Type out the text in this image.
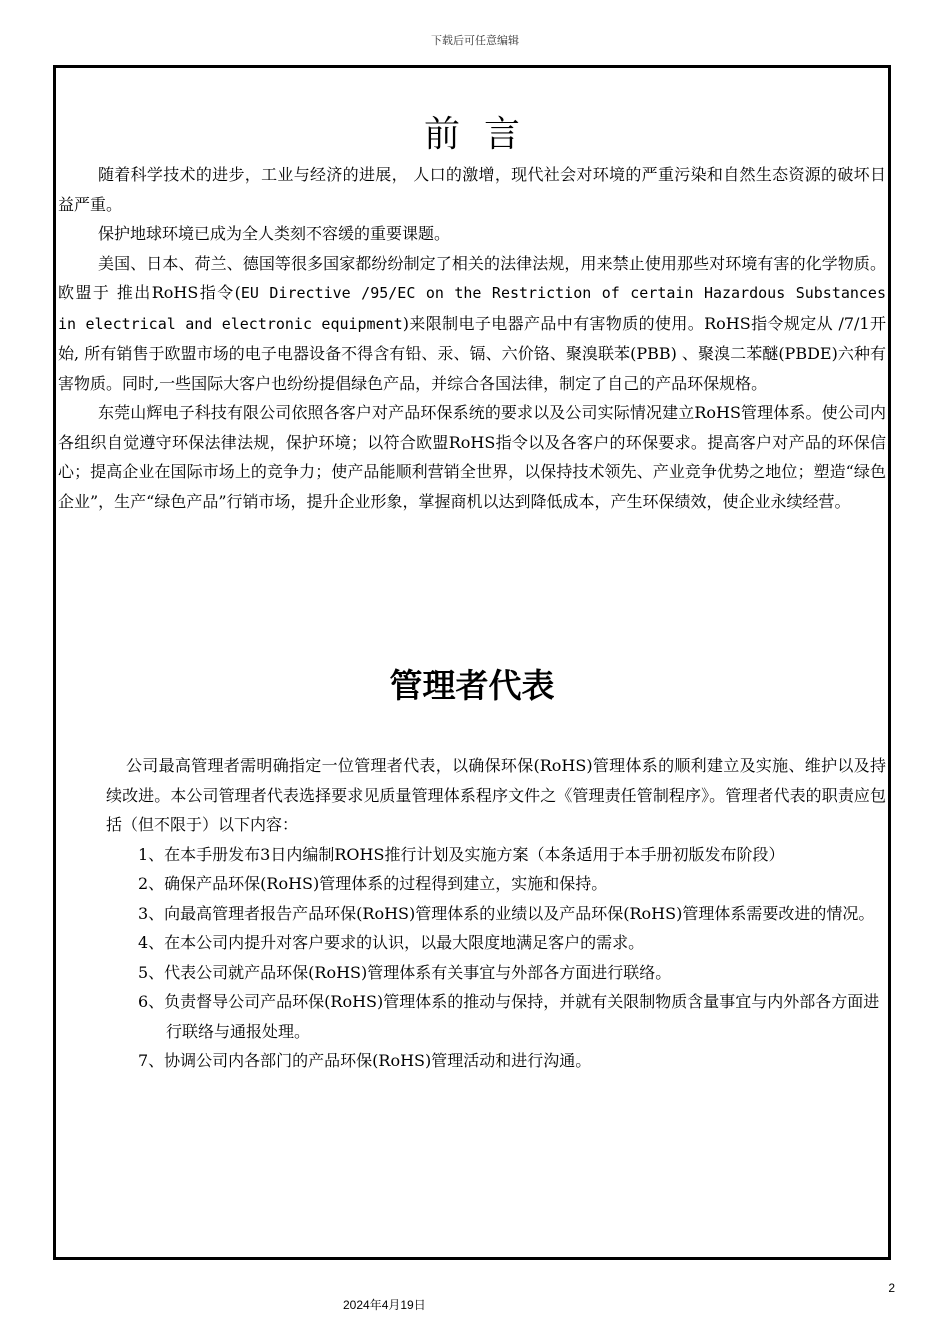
下载后可任意编辑
前言

随着科学技术的进步，工业与经济的进展， 人口的激增，现代社会对环境的严重污染和自然生态资源的破坏日益严重。

保护地球环境已成为全人类刻不容缓的重要课题。

美国、日本、荷兰、德国等很多国家都纷纷制定了相关的法律法规，用来禁止使用那些对环境有害的化学物质。欧盟于 推出RoHS指令(EU Directive /95/EC on the Restriction of certain Hazardous Substances in electrical and electronic equipment)来限制电子电器产品中有害物质的使用。RoHS指令规定从 /7/1开始, 所有销售于欧盟市场的电子电器设备不得含有铅、汞、镉、六价铬、聚溴联苯(PBB) 、聚溴二苯醚(PBDE)六种有害物质。同时,一些国际大客户也纷纷提倡绿色产品，并综合各国法律，制定了自己的产品环保规格。

东莞山辉电子科技有限公司依照各客户对产品环保系统的要求以及公司实际情况建立RoHS管理体系。使公司内各组织自觉遵守环保法律法规，保护环境；以符合欧盟RoHS指令以及各客户的环保要求。提高客户对产品的环保信心；提高企业在国际市场上的竞争力；使产品能顺利营销全世界，以保持技术领先、产业竞争优势之地位；塑造“绿色企业”，生产“绿色产品”行销市场，提升企业形象，掌握商机以达到降低成本，产生环保绩效，使企业永续经营。

管理者代表

公司最高管理者需明确指定一位管理者代表，以确保环保(RoHS)管理体系的顺利建立及实施、维护以及持续改进。本公司管理者代表选择要求见质量管理体系程序文件之《管理责任管制程序》。管理者代表的职责应包括（但不限于）以下内容：

1、在本手册发布3日内编制ROHS推行计划及实施方案（本条适用于本手册初版发布阶段）

2、确保产品环保(RoHS)管理体系的过程得到建立，实施和保持。

3、向最高管理者报告产品环保(RoHS)管理体系的业绩以及产品环保(RoHS)管理体系需要改进的情况。

4、在本公司内提升对客户要求的认识，以最大限度地满足客户的需求。

5、代表公司就产品环保(RoHS)管理体系有关事宜与外部各方面进行联络。

6、负责督导公司产品环保(RoHS)管理体系的推动与保持，并就有关限制物质含量事宜与内外部各方面进行联络与通报处理。

7、协调公司内各部门的产品环保(RoHS)管理活动和进行沟通。

2
2024年4月19日
